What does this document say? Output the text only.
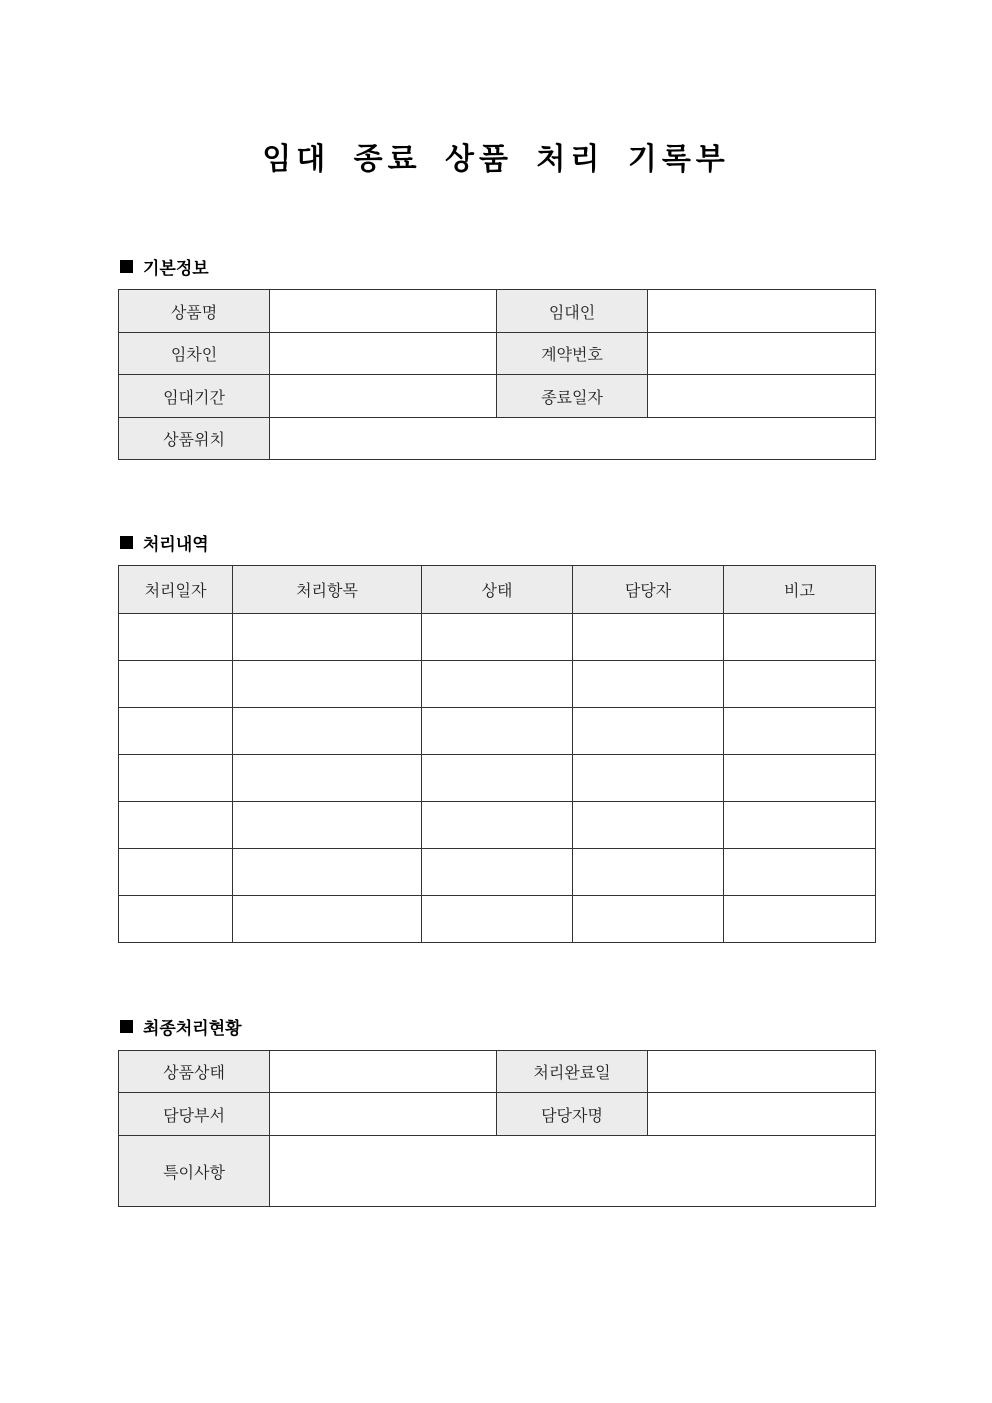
임대 종료 상품 처리 기록부
기본정보
상품명		임대인	
임차인		계약번호	
임대기간		종료일자	
상품위치			
처리내역
처리일자	처리항목	상태	담당자	비고

최종처리현황
상품상태		처리완료일	
담당부서		담당자명	
특이사항			
